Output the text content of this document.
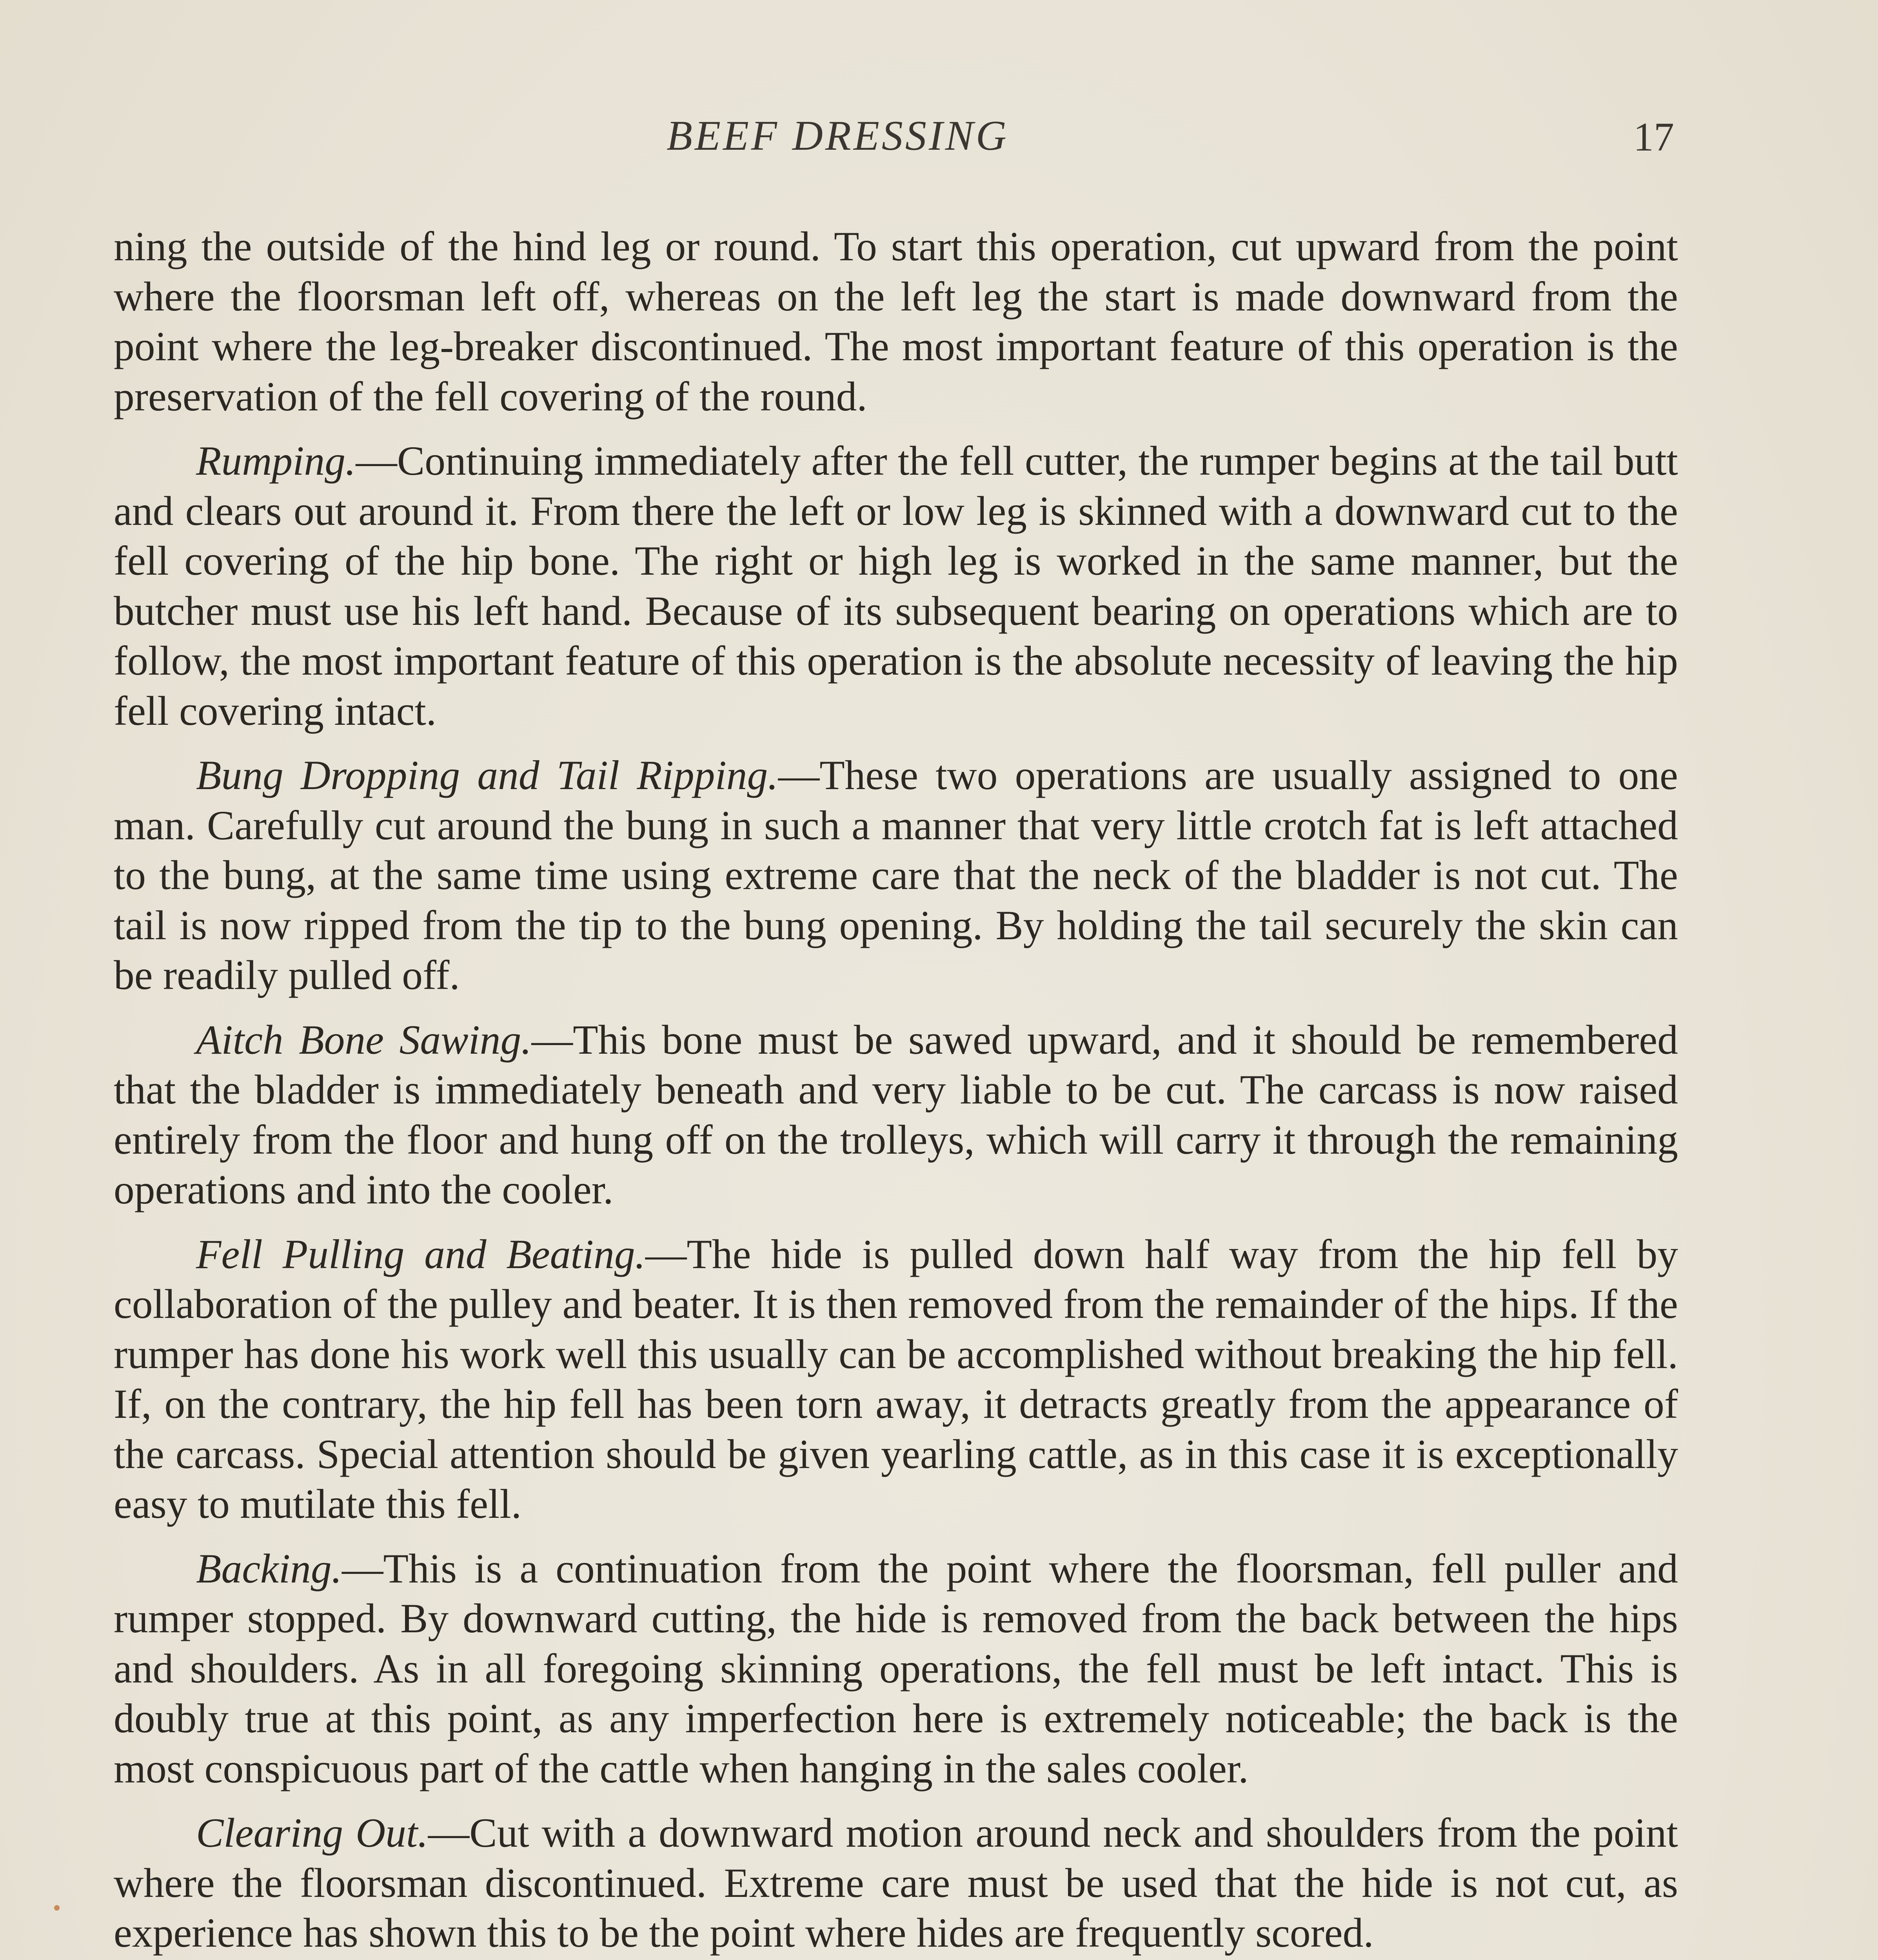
BEEF DRESSING	17

ning the outside of the hind leg or round. To start this operation, cut upward from the point where the floorsman left off, whereas on the left leg the start is made downward from the point where the leg-breaker discontinued. The most important feature of this operation is the preservation of the fell covering of the round.

Rumping.—Continuing immediately after the fell cutter, the rumper begins at the tail butt and clears out around it. From there the left or low leg is skinned with a downward cut to the fell covering of the hip bone. The right or high leg is worked in the same manner, but the butcher must use his left hand. Because of its subsequent bearing on operations which are to follow, the most important feature of this operation is the absolute necessity of leaving the hip fell covering intact.

Bung Dropping and Tail Ripping.—These two operations are usually assigned to one man. Carefully cut around the bung in such a manner that very little crotch fat is left attached to the bung, at the same time using extreme care that the neck of the bladder is not cut. The tail is now ripped from the tip to the bung opening. By holding the tail securely the skin can be readily pulled off.

Aitch Bone Sawing.—This bone must be sawed upward, and it should be remembered that the bladder is immediately beneath and very liable to be cut. The carcass is now raised entirely from the floor and hung off on the trolleys, which will carry it through the remaining operations and into the cooler.

Fell Pulling and Beating.—The hide is pulled down half way from the hip fell by collaboration of the pulley and beater. It is then removed from the remainder of the hips. If the rumper has done his work well this usually can be accomplished without breaking the hip fell. If, on the contrary, the hip fell has been torn away, it detracts greatly from the appearance of the carcass. Special attention should be given yearling cattle, as in this case it is exceptionally easy to mutilate this fell.

Backing.—This is a continuation from the point where the floorsman, fell puller and rumper stopped. By downward cutting, the hide is removed from the back between the hips and shoulders. As in all foregoing skinning operations, the fell must be left intact. This is doubly true at this point, as any imperfection here is extremely noticeable; the back is the most conspicuous part of the cattle when hanging in the sales cooler.

Clearing Out.—Cut with a downward motion around neck and shoulders from the point where the floorsman discontinued. Extreme care must be used that the hide is not cut, as experience has shown this to be the point where hides are frequently scored.
